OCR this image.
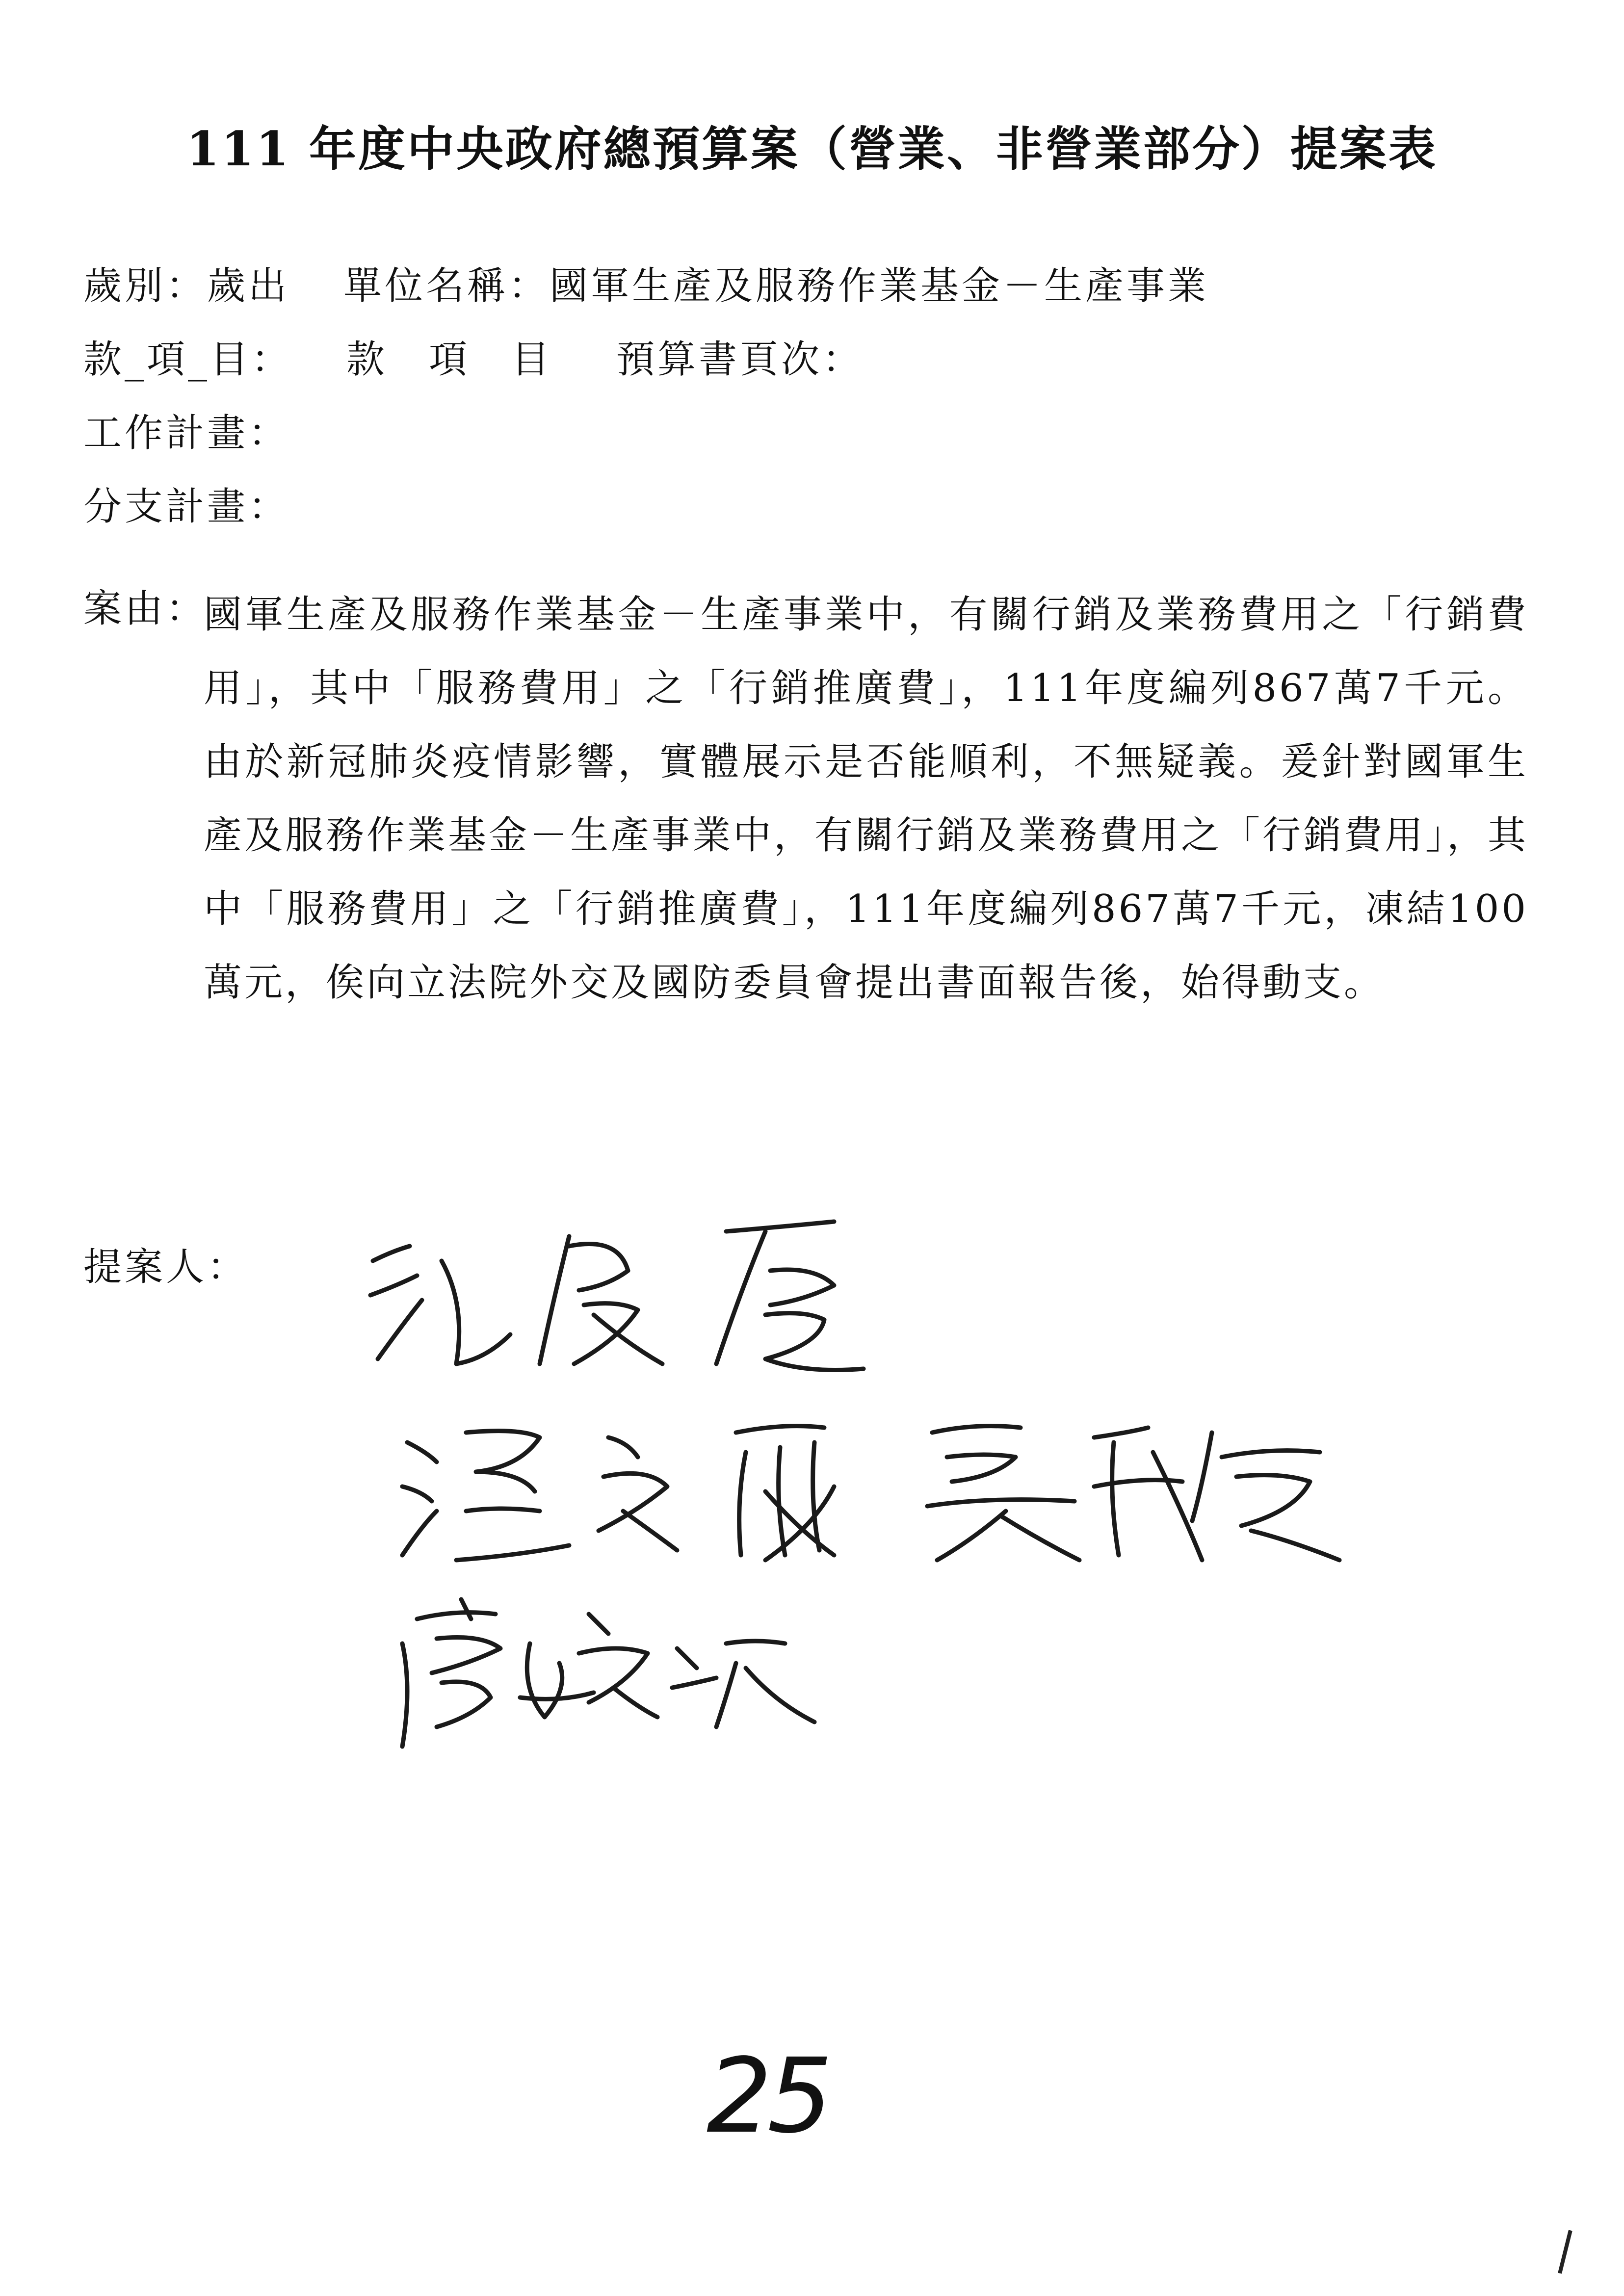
111 年度中央政府總預算案（營業、非營業部分）提案表
歲別：歲出 單位名稱：國軍生產及服務作業基金－生產事業
款_項_目： 款　項　目 預算書頁次：
工作計畫：
分支計畫：
案由：
國軍生產及服務作業基金－生產事業中，有關行銷及業務費用之「行銷費用」，其中「服務費用」之「行銷推廣費」，111年度編列867萬7千元。由於新冠肺炎疫情影響，實體展示是否能順利，不無疑義。爰針對國軍生產及服務作業基金－生產事業中，有關行銷及業務費用之「行銷費用」，其中「服務費用」之「行銷推廣費」，111年度編列867萬7千元，凍結100萬元，俟向立法院外交及國防委員會提出書面報告後，始得動支。
提案人：
25
